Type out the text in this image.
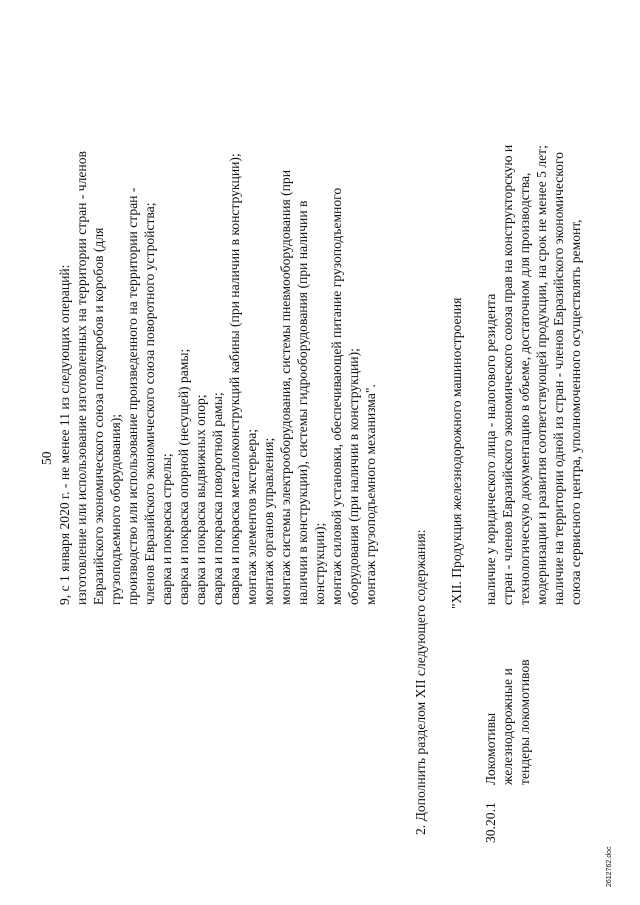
50 9, с 1 января 2020 г. - не менее 11 из следующих операций: изготовление или использование изготовленных на территории стран - членов Евразийского экономического союза полукоробов и коробов (для грузоподъемного оборудования); производство или использование произведенного на территории стран - членов Евразийского экономического союза поворотного устройства; сварка и покраска стрелы; сварка и покраска опорной (несущей) рамы; сварка и покраска выдвижных опор; сварка и покраска поворотной рамы; сварка и покраска металлоконструкций кабины (при наличии в конструкции); монтаж элементов экстерьера; монтаж органов управления; монтаж системы электрооборудования, системы пневмооборудования (при наличии в конструкции), системы гидрооборудования (при наличии в конструкции); монтаж силовой установки, обеспечивающей питание грузоподъемного оборудования (при наличии в конструкции); монтаж грузоподъемного механизма".
2. Дополнить разделом XII следующего содержания:
"XII. Продукция железнодорожного машиностроения
30.20.1
Локомотивы железнодорожные и тендеры локомотивов
наличие у юридического лица - налогового резидента стран - членов Евразийского экономического союза прав на конструкторскую и технологическую документацию в объеме, достаточном для производства, модернизации и развития соответствующей продукции, на срок не менее 5 лет; наличие на территории одной из стран - членов Евразийского экономического союза сервисного центра, уполномоченного осуществлять ремонт,
2612762.doc
